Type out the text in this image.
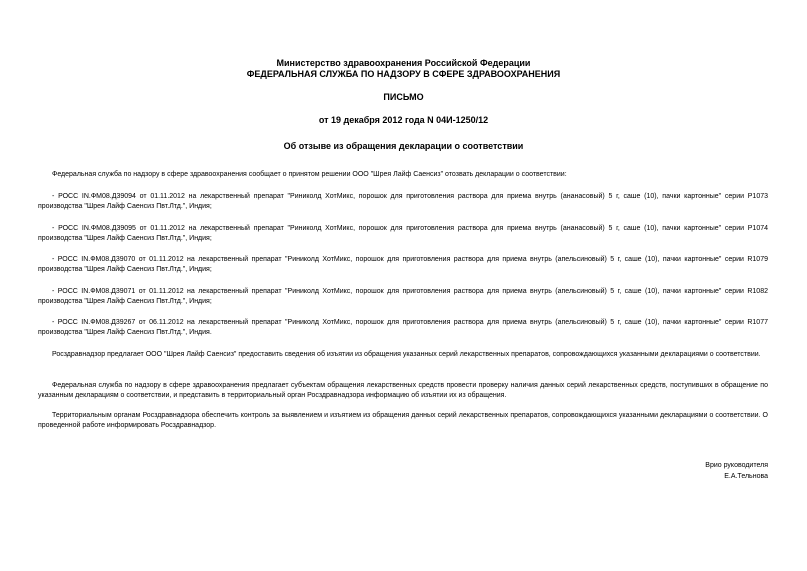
Министерство здравоохранения Российской Федерации
ФЕДЕРАЛЬНАЯ СЛУЖБА ПО НАДЗОРУ В СФЕРЕ ЗДРАВООХРАНЕНИЯ
ПИСЬМО
от 19 декабря 2012 года N 04И-1250/12
Об отзыве из обращения декларации о соответствии

Федеральная служба по надзору в сфере здравоохранения сообщает о принятом решении ООО "Шрея Лайф Саенсиз" отозвать декларации о соответствии:

- РОСС IN.ФМ08.Д39094 от 01.11.2012 на лекарственный препарат "Риниколд ХотМикс, порошок для приготовления раствора для приема внутрь (ананасовый) 5 г, саше (10), пачки картонные" серии P1073 производства "Шрея Лайф Саенсиз Пвт.Лтд.", Индия;

- РОСС IN.ФМ08.Д39095 от 01.11.2012 на лекарственный препарат "Риниколд ХотМикс, порошок для приготовления раствора для приема внутрь (ананасовый) 5 г, саше (10), пачки картонные" серии P1074 производства "Шрея Лайф Саенсиз Пвт.Лтд.", Индия;

- РОСС IN.ФМ08.Д39070 от 01.11.2012 на лекарственный препарат "Риниколд ХотМикс, порошок для приготовления раствора для приема внутрь (апельсиновый) 5 г, саше (10), пачки картонные" серии R1079 производства "Шрея Лайф Саенсиз Пвт.Лтд.", Индия;

- РОСС IN.ФМ08.Д39071 от 01.11.2012 на лекарственный препарат "Риниколд ХотМикс, порошок для приготовления раствора для приема внутрь (апельсиновый) 5 г, саше (10), пачки картонные" серии R1082 производства "Шрея Лайф Саенсиз Пвт.Лтд.", Индия;

- РОСС IN.ФМ08.Д39267 от 06.11.2012 на лекарственный препарат "Риниколд ХотМикс, порошок для приготовления раствора для приема внутрь (апельсиновый) 5 г, саше (10), пачки картонные" серии R1077 производства "Шрея Лайф Саенсиз Пвт.Лтд.", Индия.

Росздравнадзор предлагает ООО "Шрея Лайф Саенсиз" предоставить сведения об изъятии из обращения указанных серий лекарственных препаратов, сопровождающихся указанными декларациями о соответствии.

Федеральная служба по надзору в сфере здравоохранения предлагает субъектам обращения лекарственных средств провести проверку наличия данных серий лекарственных средств, поступивших в обращение по указанным декларациям о соответствии, и представить в территориальный орган Росздравнадзора информацию об изъятии их из обращения.

Территориальным органам Росздравнадзора обеспечить контроль за выявлением и изъятием из обращения данных серий лекарственных препаратов, сопровождающихся указанными декларациями о соответствии. О проведенной работе информировать Росздравнадзор.

Врио руководителя
Е.А.Тельнова
